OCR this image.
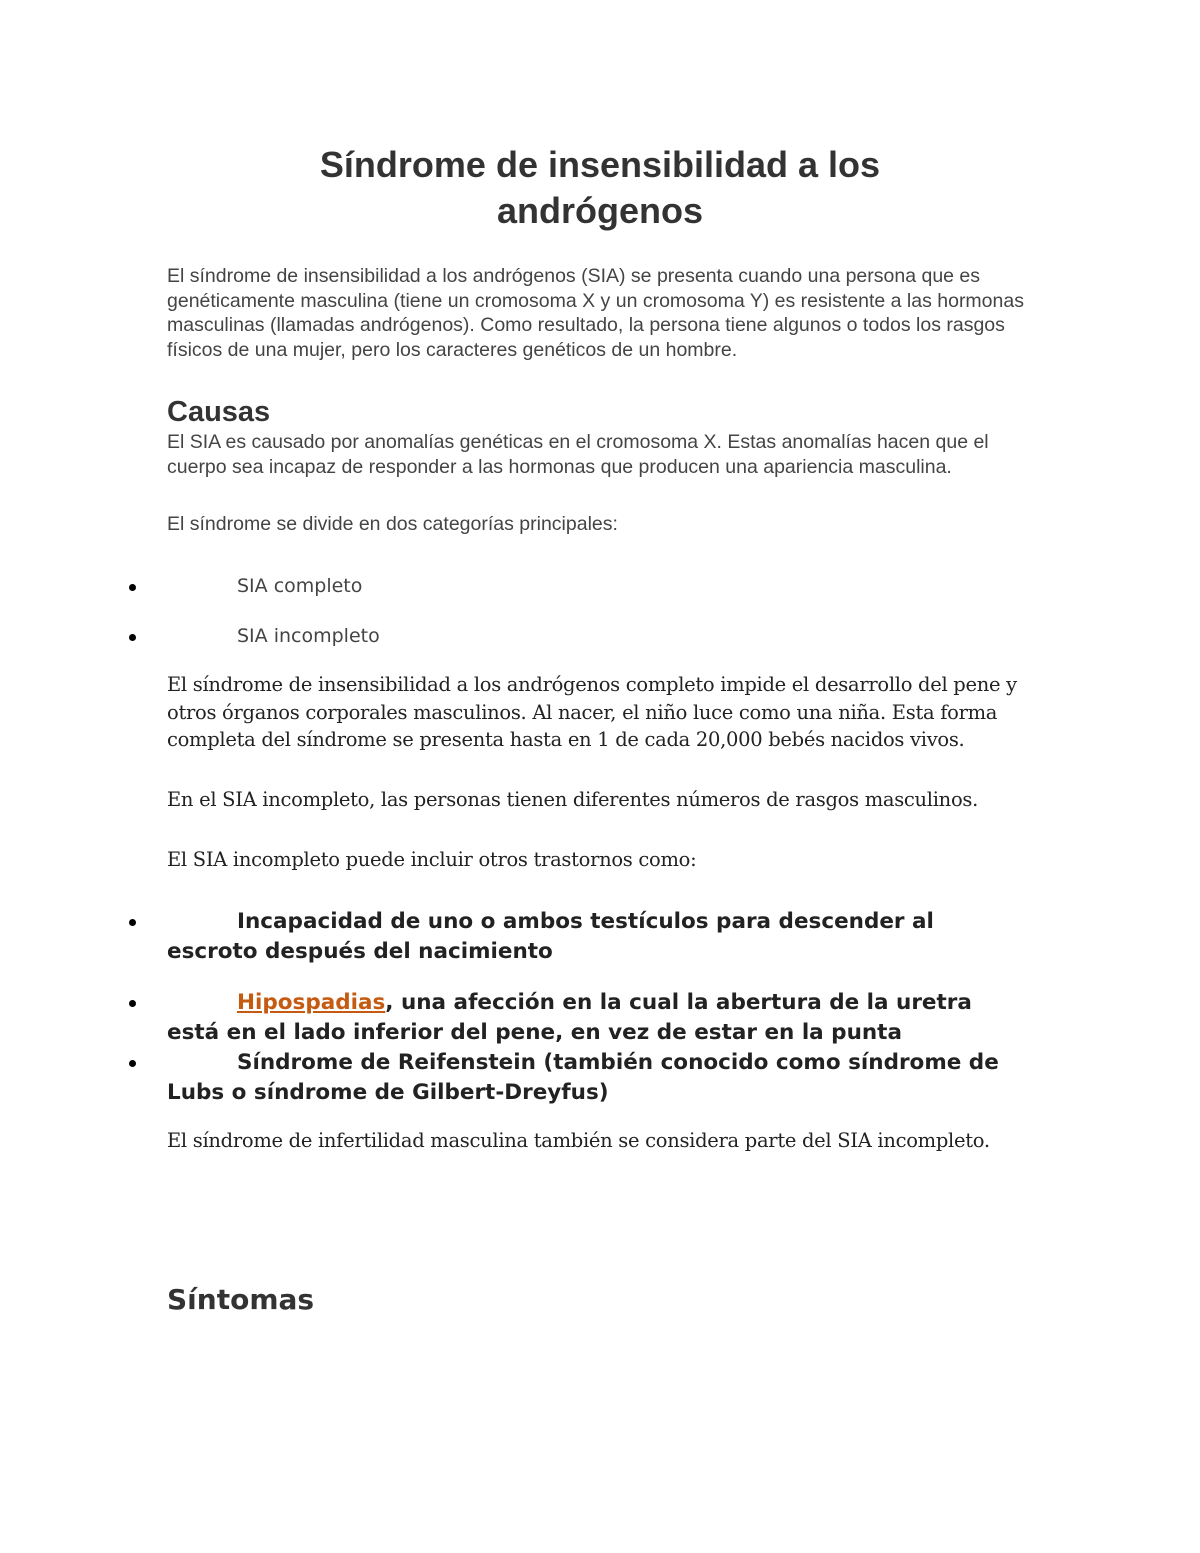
Síndrome de insensibilidad a los andrógenos

El síndrome de insensibilidad a los andrógenos (SIA) se presenta cuando una persona que es genéticamente masculina (tiene un cromosoma X y un cromosoma Y) es resistente a las hormonas masculinas (llamadas andrógenos). Como resultado, la persona tiene algunos o todos los rasgos físicos de una mujer, pero los caracteres genéticos de un hombre.

Causas

El SIA es causado por anomalías genéticas en el cromosoma X. Estas anomalías hacen que el cuerpo sea incapaz de responder a las hormonas que producen una apariencia masculina.

El síndrome se divide en dos categorías principales:

SIA completo
SIA incompleto

El síndrome de insensibilidad a los andrógenos completo impide el desarrollo del pene y otros órganos corporales masculinos. Al nacer, el niño luce como una niña. Esta forma completa del síndrome se presenta hasta en 1 de cada 20,000 bebés nacidos vivos.

En el SIA incompleto, las personas tienen diferentes números de rasgos masculinos.

El SIA incompleto puede incluir otros trastornos como:

Incapacidad de uno o ambos testículos para descender al escroto después del nacimiento

Hipospadias, una afección en la cual la abertura de la uretra está en el lado inferior del pene, en vez de estar en la punta

Síndrome de Reifenstein (también conocido como síndrome de Lubs o síndrome de Gilbert-Dreyfus)

El síndrome de infertilidad masculina también se considera parte del SIA incompleto.

Síntomas
